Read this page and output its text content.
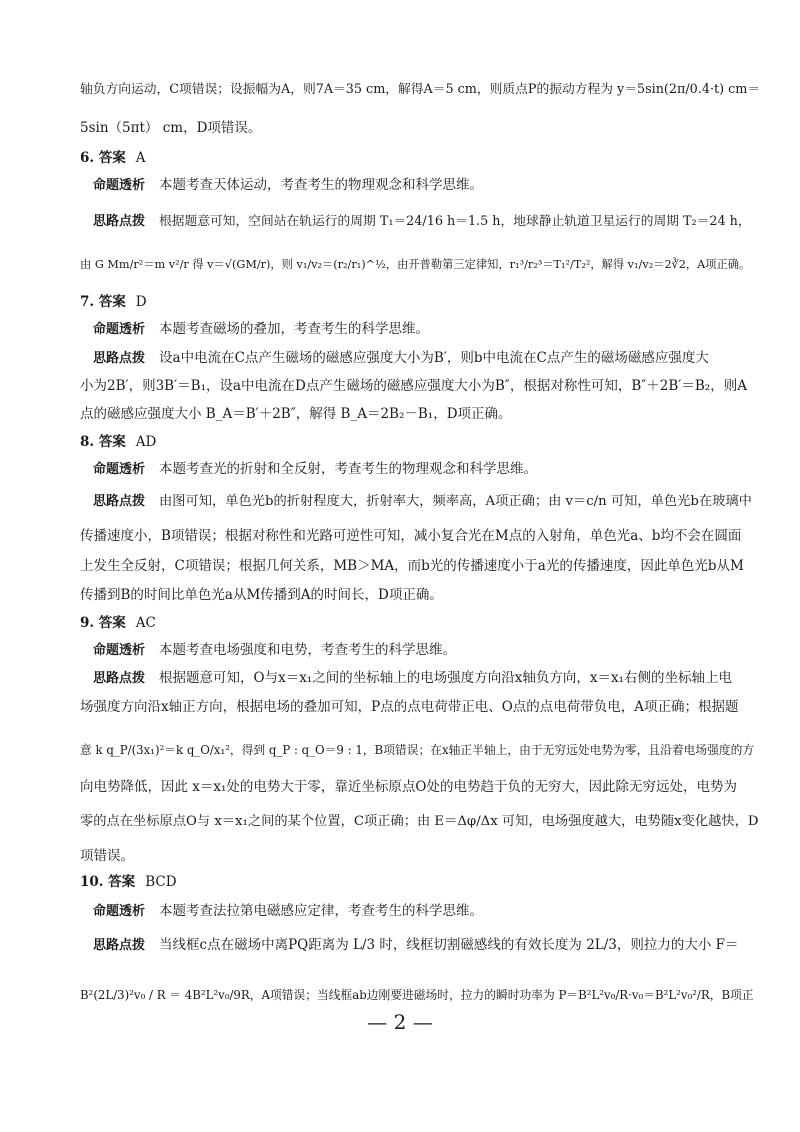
轴负方向运动，C项错误；设振幅为A，则7A＝35 cm，解得A＝5 cm，则质点P的振动方程为 y＝5sin(2π/0.4·t) cm＝
5sin（5πt） cm，D项错误。
6. 答案 A
命题透析 本题考查天体运动，考查考生的物理观念和科学思维。
思路点拨 根据题意可知，空间站在轨运行的周期 T₁＝24/16 h＝1.5 h，地球静止轨道卫星运行的周期 T₂＝24 h，
由 G Mm/r²＝m v²/r 得 v＝√(GM/r)，则 v₁/v₂＝(r₂/r₁)^½，由开普勒第三定律知，r₁³/r₂³＝T₁²/T₂²，解得 v₁/v₂＝2∛2，A项正确。
7. 答案 D
命题透析 本题考查磁场的叠加，考查考生的科学思维。
思路点拨 设a中电流在C点产生磁场的磁感应强度大小为B′，则b中电流在C点产生的磁场磁感应强度大
小为2B′，则3B′＝B₁，设a中电流在D点产生磁场的磁感应强度大小为B″，根据对称性可知，B″＋2B′＝B₂，则A
点的磁感应强度大小 B_A＝B′＋2B″，解得 B_A＝2B₂－B₁，D项正确。
8. 答案 AD
命题透析 本题考查光的折射和全反射，考查考生的物理观念和科学思维。
思路点拨 由图可知，单色光b的折射程度大，折射率大，频率高，A项正确；由 v＝c/n 可知，单色光b在玻璃中
传播速度小，B项错误；根据对称性和光路可逆性可知，减小复合光在M点的入射角，单色光a、b均不会在圆面
上发生全反射，C项错误；根据几何关系，MB＞MA，而b光的传播速度小于a光的传播速度，因此单色光b从M
传播到B的时间比单色光a从M传播到A的时间长，D项正确。
9. 答案 AC
命题透析 本题考查电场强度和电势，考查考生的科学思维。
思路点拨 根据题意可知，O与x＝x₁之间的坐标轴上的电场强度方向沿x轴负方向，x＝x₁右侧的坐标轴上电
场强度方向沿x轴正方向，根据电场的叠加可知，P点的点电荷带正电、O点的点电荷带负电，A项正确；根据题
意 k q_P/(3x₁)²＝k q_O/x₁²，得到 q_P : q_O＝9 : 1，B项错误；在x轴正半轴上，由于无穷远处电势为零，且沿着电场强度的方
向电势降低，因此 x＝x₁处的电势大于零，靠近坐标原点O处的电势趋于负的无穷大，因此除无穷远处，电势为
零的点在坐标原点O与 x＝x₁之间的某个位置，C项正确；由 E＝Δφ/Δx 可知，电场强度越大，电势随x变化越快，D
项错误。
10. 答案 BCD
命题透析 本题考查法拉第电磁感应定律，考查考生的科学思维。
思路点拨 当线框c点在磁场中离PQ距离为 L/3 时，线框切割磁感线的有效长度为 2L/3，则拉力的大小 F＝
B²(2L/3)²v₀ / R ＝ 4B²L²v₀/9R，A项错误；当线框ab边刚要进磁场时，拉力的瞬时功率为 P＝B²L²v₀/R·v₀＝B²L²v₀²/R，B项正
— 2 —
